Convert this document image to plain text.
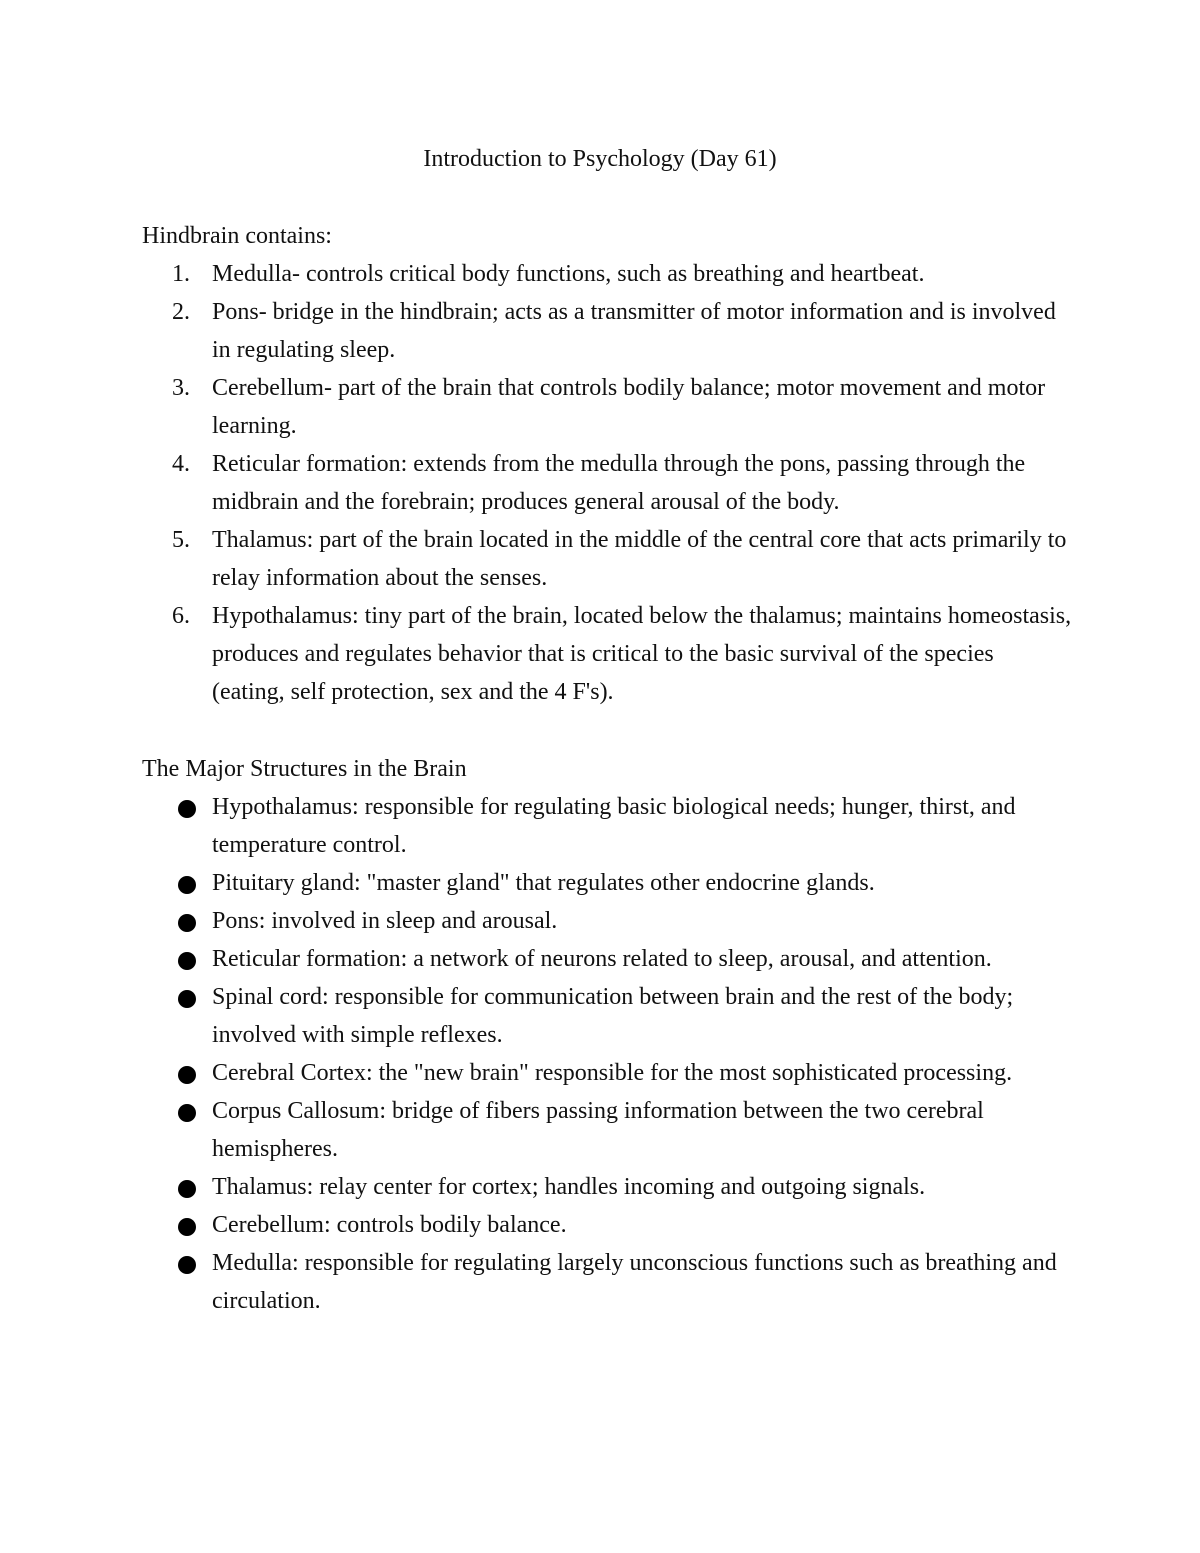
Introduction to Psychology (Day 61)

Hindbrain contains:

1. Medulla- controls critical body functions, such as breathing and heartbeat.
2. Pons- bridge in the hindbrain; acts as a transmitter of motor information and is involved in regulating sleep.
3. Cerebellum- part of the brain that controls bodily balance; motor movement and motor learning.
4. Reticular formation: extends from the medulla through the pons, passing through the midbrain and the forebrain; produces general arousal of the body.
5. Thalamus: part of the brain located in the middle of the central core that acts primarily to relay information about the senses.
6. Hypothalamus: tiny part of the brain, located below the thalamus; maintains homeostasis, produces and regulates behavior that is critical to the basic survival of the species (eating, self protection, sex and the 4 F's).

The Major Structures in the Brain

Hypothalamus: responsible for regulating basic biological needs; hunger, thirst, and temperature control.
Pituitary gland: "master gland" that regulates other endocrine glands.
Pons: involved in sleep and arousal.
Reticular formation: a network of neurons related to sleep, arousal, and attention.
Spinal cord: responsible for communication between brain and the rest of the body; involved with simple reflexes.
Cerebral Cortex: the "new brain" responsible for the most sophisticated processing.
Corpus Callosum: bridge of fibers passing information between the two cerebral hemispheres.
Thalamus: relay center for cortex; handles incoming and outgoing signals.
Cerebellum: controls bodily balance.
Medulla: responsible for regulating largely unconscious functions such as breathing and circulation.
